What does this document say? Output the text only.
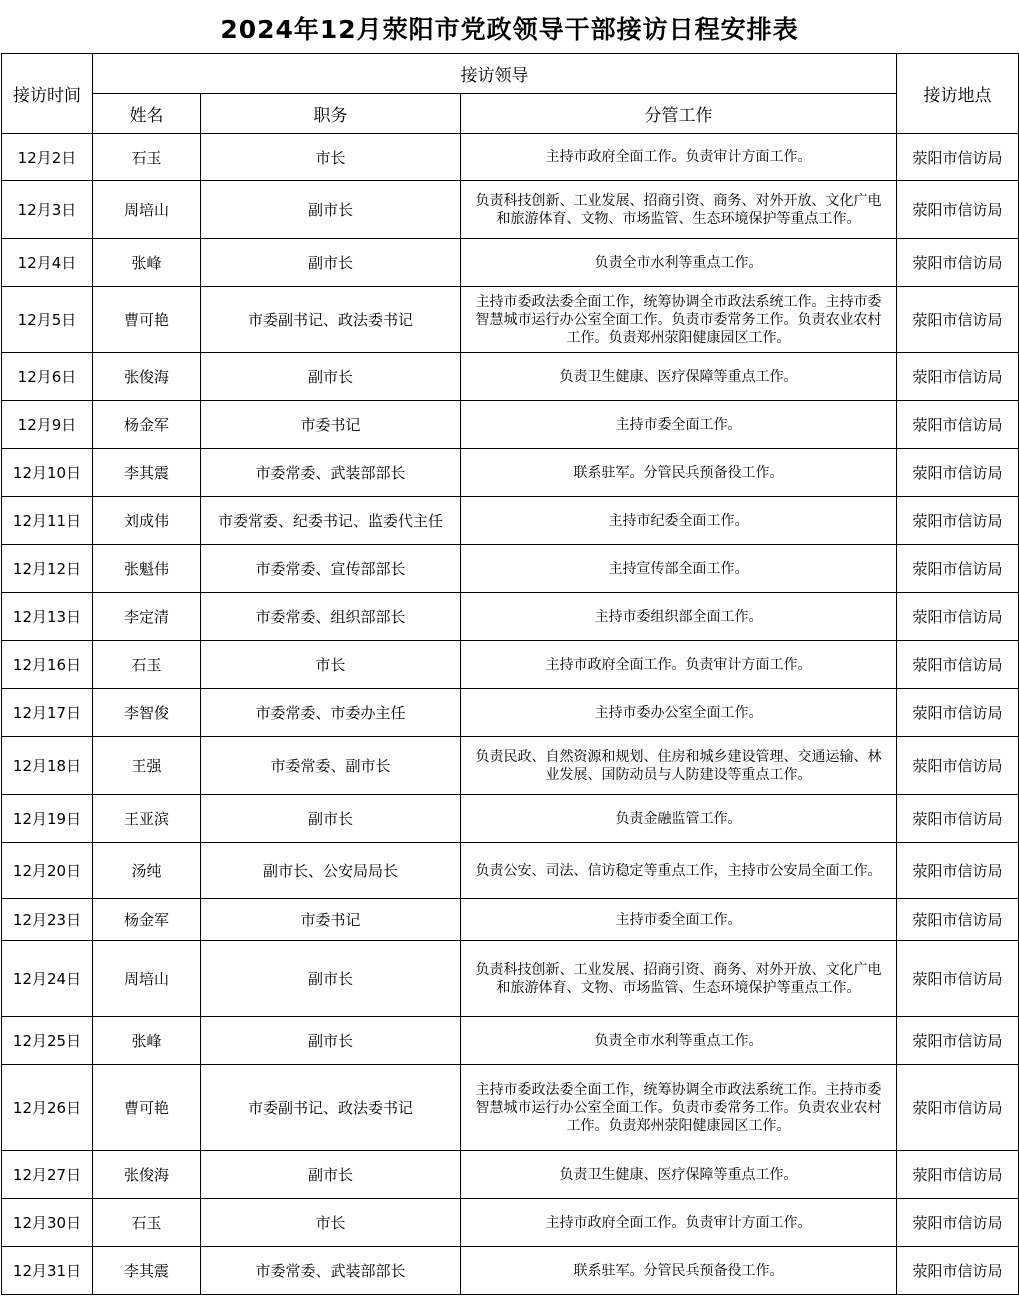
2024年12月荥阳市党政领导干部接访日程安排表
接访时间	接访领导			接访地点
	姓名	职务	分管工作	
12月2日	石玉	市长	主持市政府全面工作。负责审计方面工作。	荥阳市信访局
12月3日	周培山	副市长	负责科技创新、工业发展、招商引资、商务、对外开放、文化广电和旅游体育、文物、市场监管、生态环境保护等重点工作。	荥阳市信访局
12月4日	张峰	副市长	负责全市水利等重点工作。	荥阳市信访局
12月5日	曹可艳	市委副书记、政法委书记	主持市委政法委全面工作，统筹协调全市政法系统工作。主持市委智慧城市运行办公室全面工作。负责市委常务工作。负责农业农村工作。负责郑州荥阳健康园区工作。	荥阳市信访局
12月6日	张俊海	副市长	负责卫生健康、医疗保障等重点工作。	荥阳市信访局
12月9日	杨金军	市委书记	主持市委全面工作。	荥阳市信访局
12月10日	李其震	市委常委、武装部部长	联系驻军。分管民兵预备役工作。	荥阳市信访局
12月11日	刘成伟	市委常委、纪委书记、监委代主任	主持市纪委全面工作。	荥阳市信访局
12月12日	张魁伟	市委常委、宣传部部长	主持宣传部全面工作。	荥阳市信访局
12月13日	李定清	市委常委、组织部部长	主持市委组织部全面工作。	荥阳市信访局
12月16日	石玉	市长	主持市政府全面工作。负责审计方面工作。	荥阳市信访局
12月17日	李智俊	市委常委、市委办主任	主持市委办公室全面工作。	荥阳市信访局
12月18日	王强	市委常委、副市长	负责民政、自然资源和规划、住房和城乡建设管理、交通运输、林业发展、国防动员与人防建设等重点工作。	荥阳市信访局
12月19日	王亚滨	副市长	负责金融监管工作。	荥阳市信访局
12月20日	汤纯	副市长、公安局局长	负责公安、司法、信访稳定等重点工作，主持市公安局全面工作。	荥阳市信访局
12月23日	杨金军	市委书记	主持市委全面工作。	荥阳市信访局
12月24日	周培山	副市长	负责科技创新、工业发展、招商引资、商务、对外开放、文化广电和旅游体育、文物、市场监管、生态环境保护等重点工作。	荥阳市信访局
12月25日	张峰	副市长	负责全市水利等重点工作。	荥阳市信访局
12月26日	曹可艳	市委副书记、政法委书记	主持市委政法委全面工作，统筹协调全市政法系统工作。主持市委智慧城市运行办公室全面工作。负责市委常务工作。负责农业农村工作。负责郑州荥阳健康园区工作。	荥阳市信访局
12月27日	张俊海	副市长	负责卫生健康、医疗保障等重点工作。	荥阳市信访局
12月30日	石玉	市长	主持市政府全面工作。负责审计方面工作。	荥阳市信访局
12月31日	李其震	市委常委、武装部部长	联系驻军。分管民兵预备役工作。	荥阳市信访局
